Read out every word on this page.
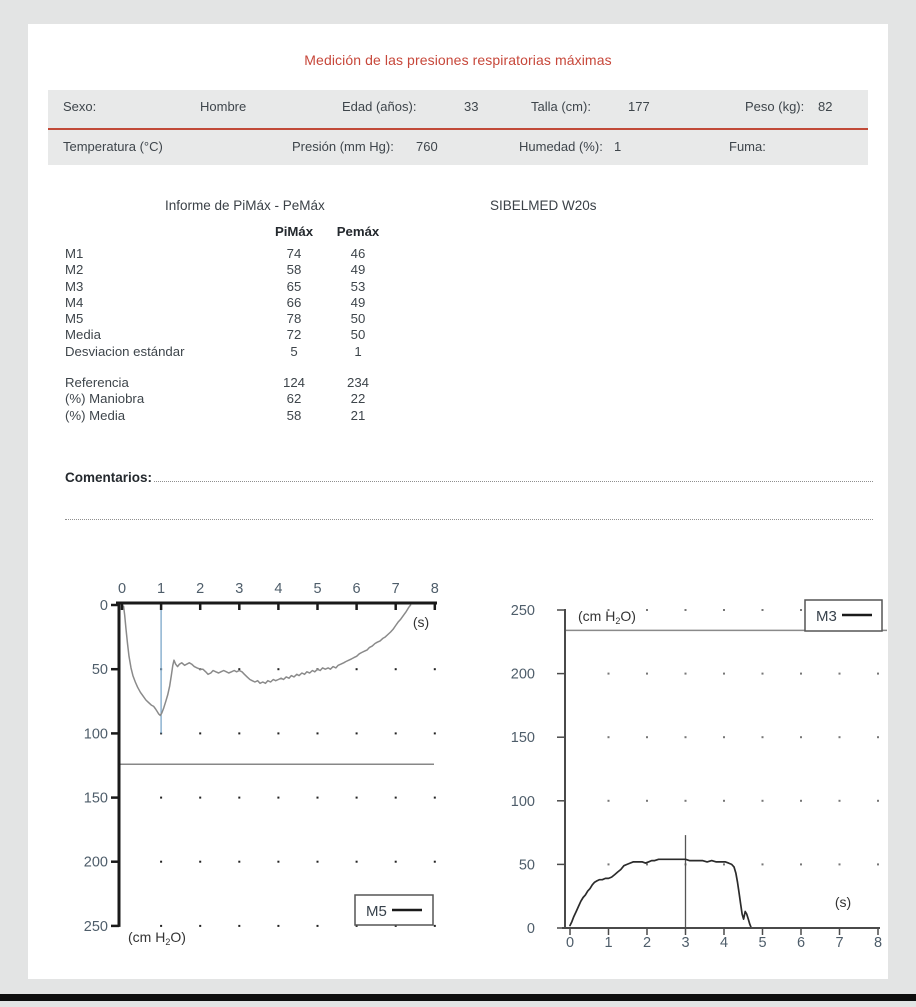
Medición de las presiones respiratorias máximas
Sexo:	Hombre	Edad (años):	33	Talla (cm):	177	Peso (kg): 82
Temperatura (°C)	Presión (mm Hg): 760	Humedad (%): 1	Fuma:
Informe de PiMáx - PeMáx	SIBELMED W20s
PiMáx Pemáx
M1	74	46
M2	58	49
M3	65	53
M4	66	49
M5	78	50
Media	72	50
Desviacion estándar	5	1
Referencia	124	234
(%) Maniobra	62	22
(%) Media	58	21
Comentarios:
0 1 2 3 4 5 6 7 8
0
50
100
150
200
250
(s)
(cm $H_2O$)
M5
0 1 2 3 4 5 6 7 8
0
50
100
150
200
250
(s)
(cm $H_2O$)	M3
